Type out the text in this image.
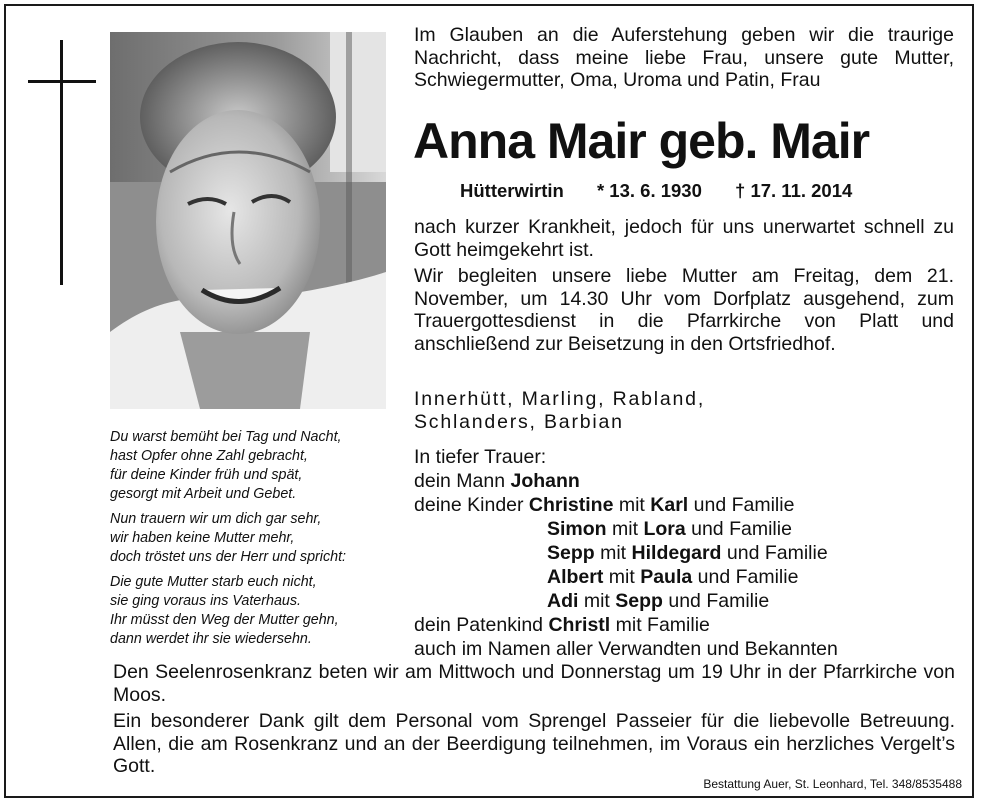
Du warst bemüht bei Tag und Nacht,
hast Opfer ohne Zahl gebracht,
für deine Kinder früh und spät,
gesorgt mit Arbeit und Gebet.

Nun trauern wir um dich gar sehr,
wir haben keine Mutter mehr,
doch tröstet uns der Herr und spricht:

Die gute Mutter starb euch nicht,
sie ging voraus ins Vaterhaus.
Ihr müsst den Weg der Mutter gehn,
dann werdet ihr sie wiedersehn.

Im Glauben an die Auferstehung geben wir die traurige Nachricht, dass meine liebe Frau, unsere gute Mutter, Schwiegermutter, Oma, Uroma und Patin, Frau
Anna Mair geb. Mair
Hütterwirtin * 13. 6. 1930 † 17. 11. 2014
nach kurzer Krankheit, jedoch für uns unerwartet schnell zu Gott heimgekehrt ist.
Wir begleiten unsere liebe Mutter am Freitag, dem 21. November, um 14.30 Uhr vom Dorfplatz ausgehend, zum Trauergottesdienst in die Pfarrkirche von Platt und anschließend zur Beisetzung in den Ortsfriedhof.
Innerhütt, Marling, Rabland,
Schlanders, Barbian
In tiefer Trauer:
dein Mann Johann
deine Kinder Christine mit Karl und Familie
Simon mit Lora und Familie
Sepp mit Hildegard und Familie
Albert mit Paula und Familie
Adi mit Sepp und Familie
dein Patenkind Christl mit Familie
auch im Namen aller Verwandten und Bekannten
Den Seelenrosenkranz beten wir am Mittwoch und Donnerstag um 19 Uhr in der Pfarrkirche von Moos.
Ein besonderer Dank gilt dem Personal vom Sprengel Passeier für die liebevolle Betreuung. Allen, die am Rosenkranz und an der Beerdigung teilnehmen, im Voraus ein herzliches Vergelt’s Gott.
Bestattung Auer, St. Leonhard, Tel. 348/8535488
